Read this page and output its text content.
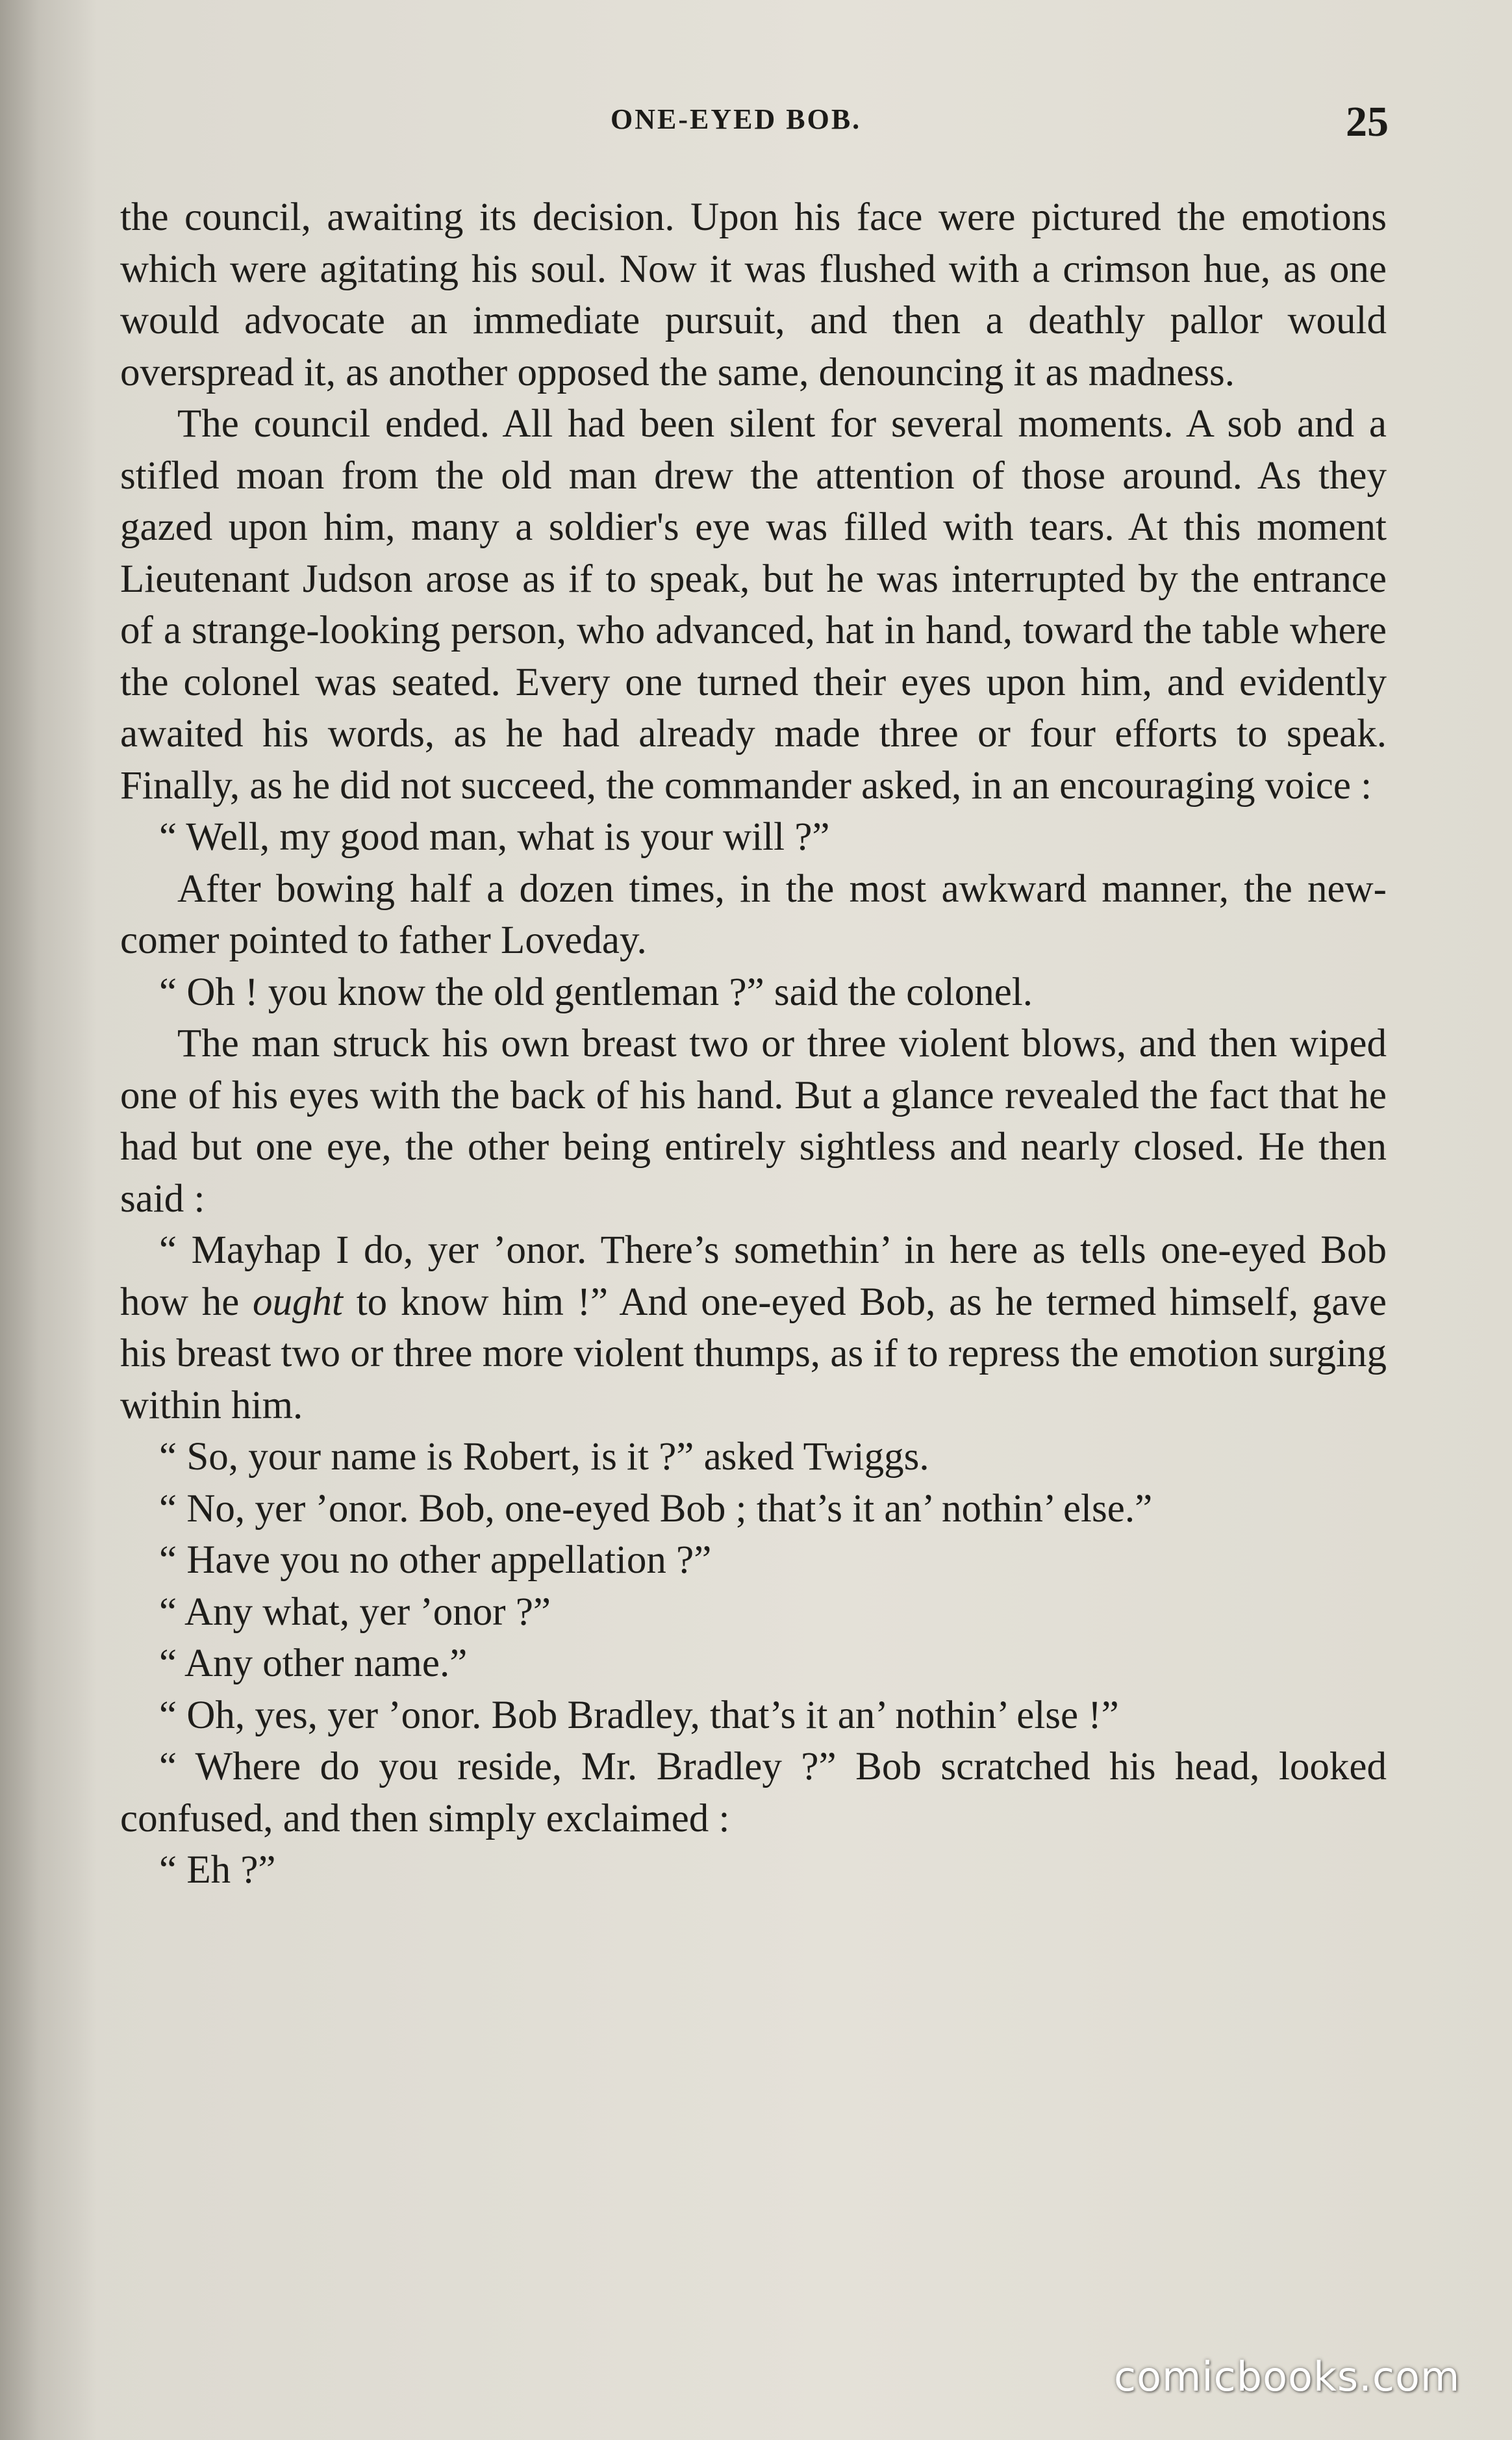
ONE-EYED BOB.	25

the council, awaiting its decision. Upon his face were pictured the emotions which were agitating his soul. Now it was flushed with a crimson hue, as one would advocate an immediate pursuit, and then a deathly pallor would overspread it, as another opposed the same, denouncing it as madness.

The council ended. All had been silent for several moments. A sob and a stifled moan from the old man drew the attention of those around. As they gazed upon him, many a soldier's eye was filled with tears. At this moment Lieutenant Judson arose as if to speak, but he was interrupted by the entrance of a strange-looking person, who advanced, hat in hand, toward the table where the colonel was seated. Every one turned their eyes upon him, and evidently awaited his words, as he had already made three or four efforts to speak. Finally, as he did not succeed, the commander asked, in an encouraging voice :

“ Well, my good man, what is your will ?”

After bowing half a dozen times, in the most awkward manner, the new-comer pointed to father Loveday.

“ Oh ! you know the old gentleman ?” said the colonel.

The man struck his own breast two or three violent blows, and then wiped one of his eyes with the back of his hand. But a glance revealed the fact that he had but one eye, the other being entirely sightless and nearly closed. He then said :

“ Mayhap I do, yer ’onor. There’s somethin’ in here as tells one-eyed Bob how he ought to know him !” And one-eyed Bob, as he termed himself, gave his breast two or three more violent thumps, as if to repress the emotion surging within him.

“ So, your name is Robert, is it ?” asked Twiggs.

“ No, yer ’onor. Bob, one-eyed Bob ; that’s it an’ nothin’ else.”

“ Have you no other appellation ?”

“ Any what, yer ’onor ?”

“ Any other name.”

“ Oh, yes, yer ’onor. Bob Bradley, that’s it an’ nothin’ else !”

“ Where do you reside, Mr. Bradley ?” Bob scratched his head, looked confused, and then simply exclaimed :

“ Eh ?”

comicbooks.com
